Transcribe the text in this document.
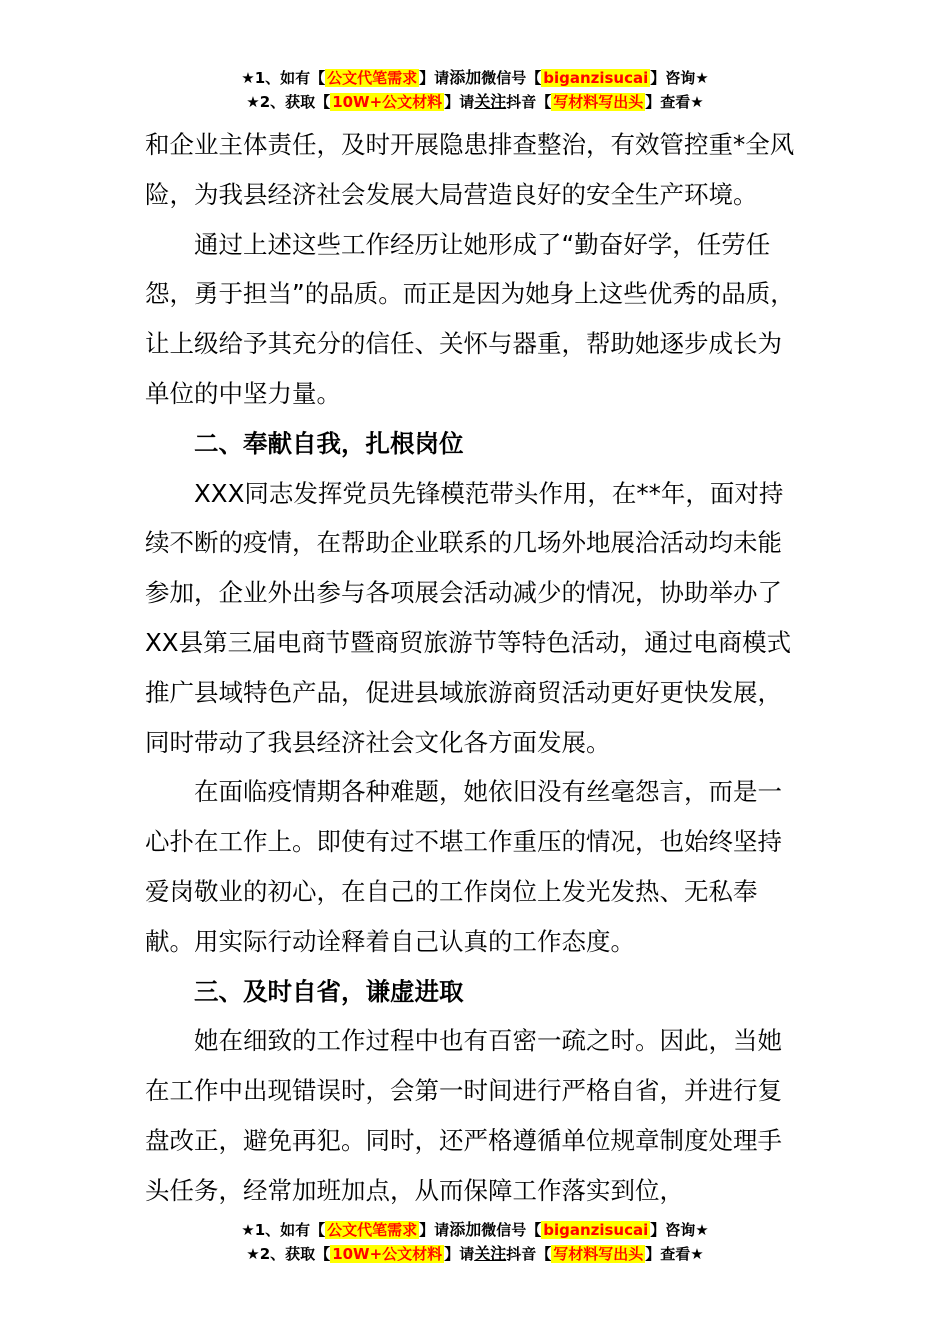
★1、如有【 公文代笔需求 】请添加微信号【 biganzisucai 】咨询★
★2、获取【 10W+公文材料 】请关注抖音【 写材料写出头 】查看★

和企业主体责任，及时开展隐患排查整治，有效管控重*全风险，为我县经济社会发展大局营造良好的安全生产环境。

通过上述这些工作经历让她形成了“勤奋好学，任劳任怨，勇于担当”的品质。而正是因为她身上这些优秀的品质，让上级给予其充分的信任、关怀与器重，帮助她逐步成长为单位的中坚力量。

二、奉献自我，扎根岗位

XXX同志发挥党员先锋模范带头作用，在**年，面对持续不断的疫情，在帮助企业联系的几场外地展洽活动均未能参加，企业外出参与各项展会活动减少的情况，协助举办了XX县第三届电商节暨商贸旅游节等特色活动，通过电商模式推广县域特色产品，促进县域旅游商贸活动更好更快发展，同时带动了我县经济社会文化各方面发展。

在面临疫情期各种难题，她依旧没有丝毫怨言，而是一心扑在工作上。即使有过不堪工作重压的情况，也始终坚持爱岗敬业的初心，在自己的工作岗位上发光发热、无私奉献。用实际行动诠释着自己认真的工作态度。

三、及时自省，谦虚进取

她在细致的工作过程中也有百密一疏之时。因此，当她在工作中出现错误时，会第一时间进行严格自省，并进行复盘改正，避免再犯。同时，还严格遵循单位规章制度处理手头任务，经常加班加点，从而保障工作落实到位，

★1、如有【 公文代笔需求 】请添加微信号【 biganzisucai 】咨询★
★2、获取【 10W+公文材料 】请关注抖音【 写材料写出头 】查看★
